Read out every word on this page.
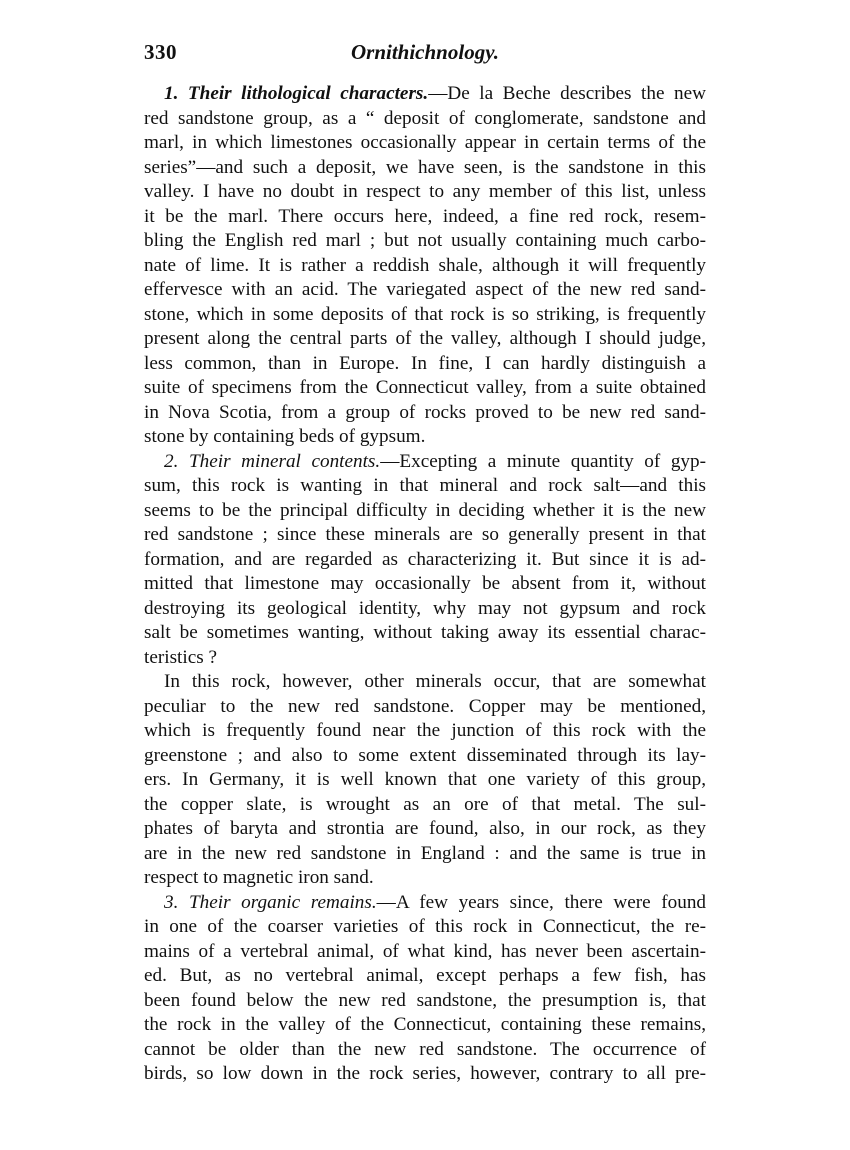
330	Ornithichnology.
1. Their lithological characters.—De la Beche describes the new
red sandstone group, as a “ deposit of conglomerate, sandstone and
marl, in which limestones occasionally appear in certain terms of the
series”—and such a deposit, we have seen, is the sandstone in this
valley. I have no doubt in respect to any member of this list, unless
it be the marl. There occurs here, indeed, a fine red rock, resem-
bling the English red marl ; but not usually containing much carbo-
nate of lime. It is rather a reddish shale, although it will frequently
effervesce with an acid. The variegated aspect of the new red sand-
stone, which in some deposits of that rock is so striking, is frequently
present along the central parts of the valley, although I should judge,
less common, than in Europe. In fine, I can hardly distinguish a
suite of specimens from the Connecticut valley, from a suite obtained
in Nova Scotia, from a group of rocks proved to be new red sand-
stone by containing beds of gypsum.
2. Their mineral contents.—Excepting a minute quantity of gyp-
sum, this rock is wanting in that mineral and rock salt—and this
seems to be the principal difficulty in deciding whether it is the new
red sandstone ; since these minerals are so generally present in that
formation, and are regarded as characterizing it. But since it is ad-
mitted that limestone may occasionally be absent from it, without
destroying its geological identity, why may not gypsum and rock
salt be sometimes wanting, without taking away its essential charac-
teristics ?
In this rock, however, other minerals occur, that are somewhat
peculiar to the new red sandstone. Copper may be mentioned,
which is frequently found near the junction of this rock with the
greenstone ; and also to some extent disseminated through its lay-
ers. In Germany, it is well known that one variety of this group,
the copper slate, is wrought as an ore of that metal. The sul-
phates of baryta and strontia are found, also, in our rock, as they
are in the new red sandstone in England : and the same is true in
respect to magnetic iron sand.
3. Their organic remains.—A few years since, there were found
in one of the coarser varieties of this rock in Connecticut, the re-
mains of a vertebral animal, of what kind, has never been ascertain-
ed. But, as no vertebral animal, except perhaps a few fish, has
been found below the new red sandstone, the presumption is, that
the rock in the valley of the Connecticut, containing these remains,
cannot be older than the new red sandstone. The occurrence of
birds, so low down in the rock series, however, contrary to all pre-
